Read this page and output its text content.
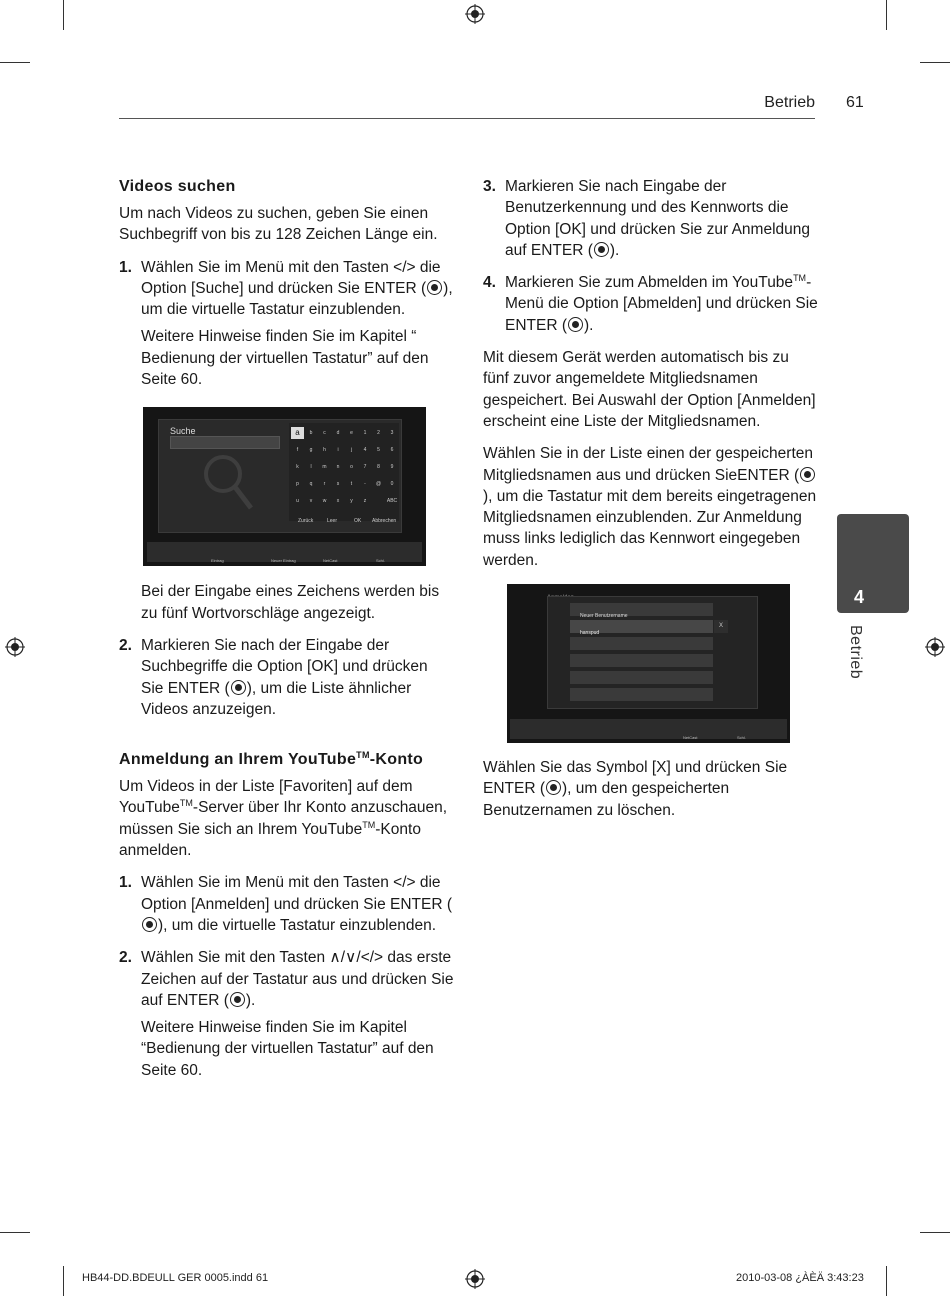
Betrieb 61
Videos suchen

Um nach Videos zu suchen, geben Sie einen Suchbegriff von bis zu 128 Zeichen Länge ein.

1. Wählen Sie im Menü mit den Tasten </> die Option [Suche] und drücken Sie ENTER ( ), um die virtuelle Tastatur einzublenden.

Weitere Hinweise finden Sie im Kapitel “ Bedienung der virtuellen Tastatur” auf den Seite 60.

Suche	a	b	c	d	e	1	2	3
f	g	h	i	j	4	5	6
k	l	m	n	o	7	8	9
p	q	r	s	t	-	@	0
u	v	w	x	y	z	ABC
Zurück	Leer	OK Abbrechen
Eintrag	Neuer Eintrag	NetCast	Schl.

Bei der Eingabe eines Zeichens werden bis zu fünf Wortvorschläge angezeigt.

2. Markieren Sie nach der Eingabe der Suchbegriffe die Option [OK] und drücken Sie ENTER ( ), um die Liste ähnlicher Videos anzuzeigen.

Anmeldung an Ihrem YouTube™-Konto

Um Videos in der Liste [Favoriten] auf dem YouTube™-Server über Ihr Konto anzuschauen, müssen Sie sich an Ihrem YouTube™-Konto anmelden.

1. Wählen Sie im Menü mit den Tasten </> die Option [Anmelden] und drücken Sie ENTER (), um die virtuelle Tastatur einzublenden.

2. Wählen Sie mit den Tasten ∧/∨/</> das erste Zeichen auf der Tastatur aus und drücken Sie auf ENTER ( ).

Weitere Hinweise finden Sie im Kapitel “Bedienung der virtuellen Tastatur” auf den Seite 60.

3. Markieren Sie nach Eingabe der Benutzerkennung und des Kennworts die Option [OK] und drücken Sie zur Anmeldung auf ENTER ( ).

4. Markieren Sie zum Abmelden im YouTube™-Menü die Option [Abmelden] und drücken Sie ENTER ( ).

Mit diesem Gerät werden automatisch bis zu fünf zuvor angemeldete Mitgliedsnamen gespeichert. Bei Auswahl der Option [Anmelden] erscheint eine Liste der Mitgliedsnamen.

Wählen Sie in der Liste einen der gespeicherten Mitgliedsnamen aus und drücken SieENTER (), um die Tastatur mit dem bereits eingetragenen Mitgliedsnamen einzublenden. Zur Anmeldung muss links lediglich das Kennwort eingegeben werden.

Neuer Benutzername
hanspud
X
NetCast	Schl.

Wählen Sie das Symbol [X] und drücken Sie ENTER ( ), um den gespeicherten Benutzernamen zu löschen.

4
Betrieb
HB44-DD.BDEULL GER 0005.indd 61	2010-03-08 ¿ÀÈÄ 3:43:23
